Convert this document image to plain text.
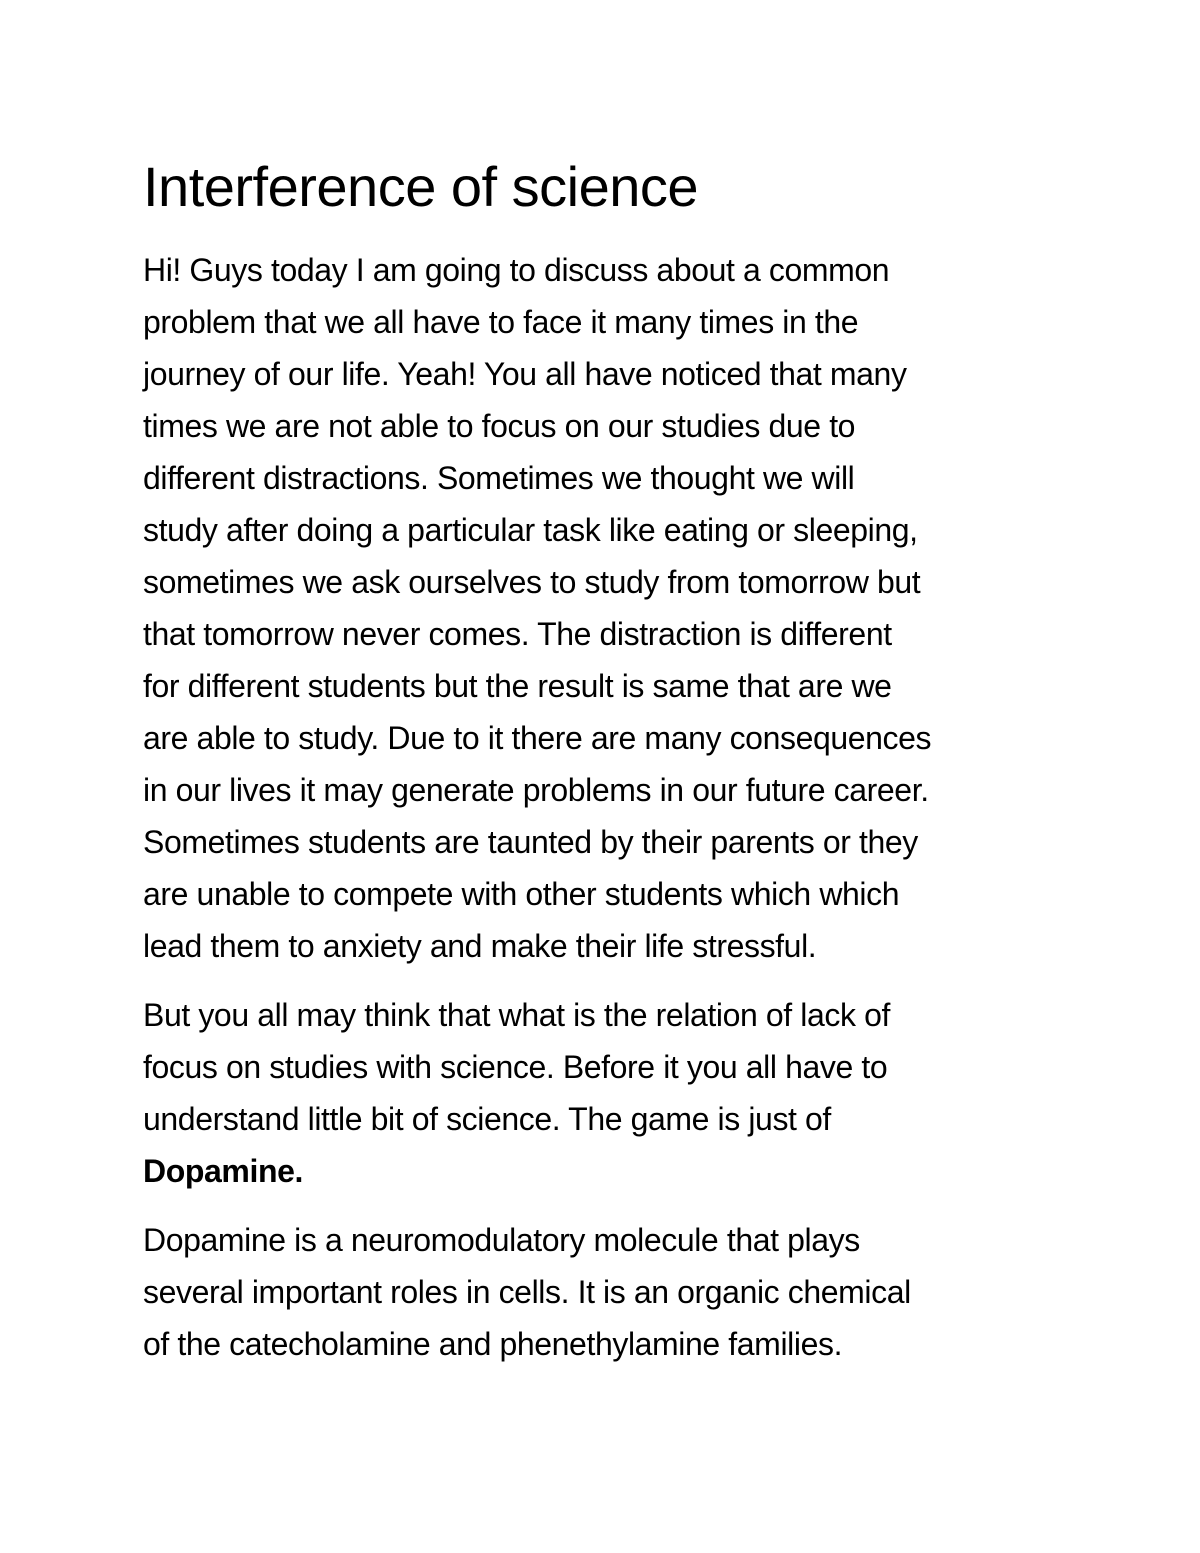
Interference of science

Hi! Guys today I am going to discuss about a common
problem that we all have to face it many times in the
journey of our life. Yeah! You all have noticed that many
times we are not able to focus on our studies due to
different distractions. Sometimes we thought we will
study after doing a particular task like eating or sleeping,
sometimes we ask ourselves to study from tomorrow but
that tomorrow never comes. The distraction is different
for different students but the result is same that are we
are able to study. Due to it there are many consequences
in our lives it may generate problems in our future career.
Sometimes students are taunted by their parents or they
are unable to compete with other students which which
lead them to anxiety and make their life stressful.

But you all may think that what is the relation of lack of
focus on studies with science. Before it you all have to
understand little bit of science. The game is just of
Dopamine.

Dopamine is a neuromodulatory molecule that plays
several important roles in cells. It is an organic chemical
of the catecholamine and phenethylamine families.
